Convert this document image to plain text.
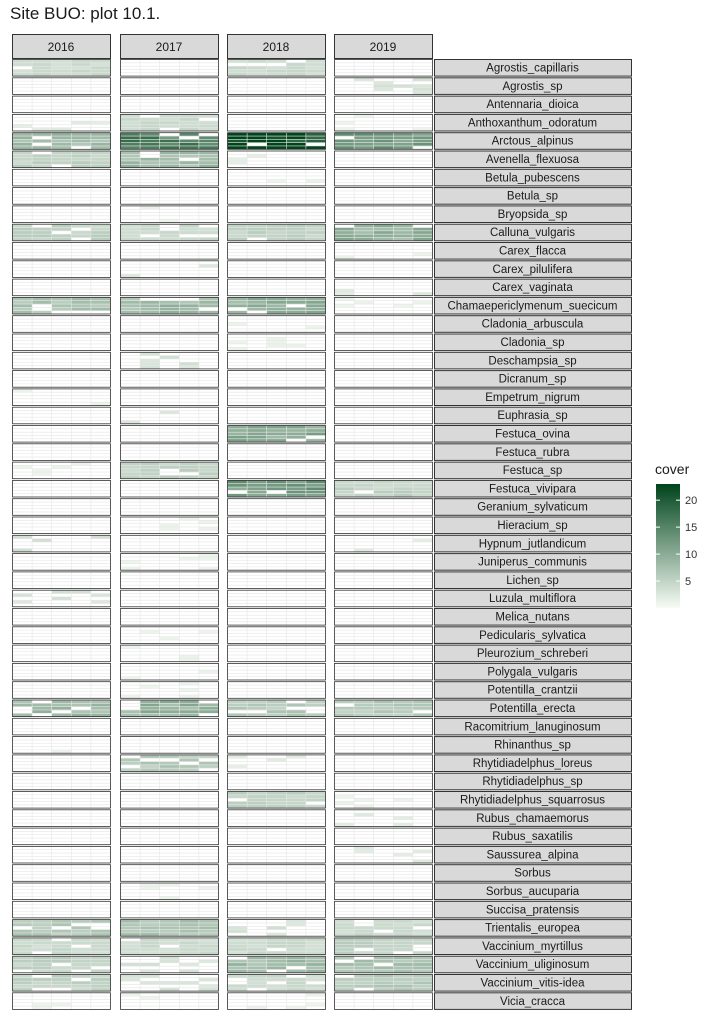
Site BUO: plot 10.1.
2016	2017	2018	2019
Agrostis_capillaris
Agrostis_sp
Antennaria_dioica
Anthoxanthum_odoratum
Arctous_alpinus
Avenella_flexuosa
Betula_pubescens
Betula_sp
Bryopsida_sp
Calluna_vulgaris
Carex_flacca
Carex_pilulifera
Carex_vaginata
Chamaepericlymenum_suecicum
Cladonia_arbuscula
Cladonia_sp
Deschampsia_sp
Dicranum_sp
Empetrum_nigrum
Euphrasia_sp
Festuca_ovina
Festuca_rubra
Festuca_sp
Festuca_vivipara
Geranium_sylvaticum
Hieracium_sp
Hypnum_jutlandicum
Juniperus_communis
Lichen_sp
Luzula_multiflora
Melica_nutans
Pedicularis_sylvatica
Pleurozium_schreberi
Polygala_vulgaris
Potentilla_crantzii
Potentilla_erecta
Racomitrium_lanuginosum
Rhinanthus_sp
Rhytidiadelphus_loreus
Rhytidiadelphus_sp
Rhytidiadelphus_squarrosus
Rubus_chamaemorus
Rubus_saxatilis
Saussurea_alpina
Sorbus
Sorbus_aucuparia
Succisa_pratensis
Trientalis_europea
Vaccinium_myrtillus
Vaccinium_uliginosum
Vaccinium_vitis-idea
Vicia_cracca
5
10
15
20
cover
